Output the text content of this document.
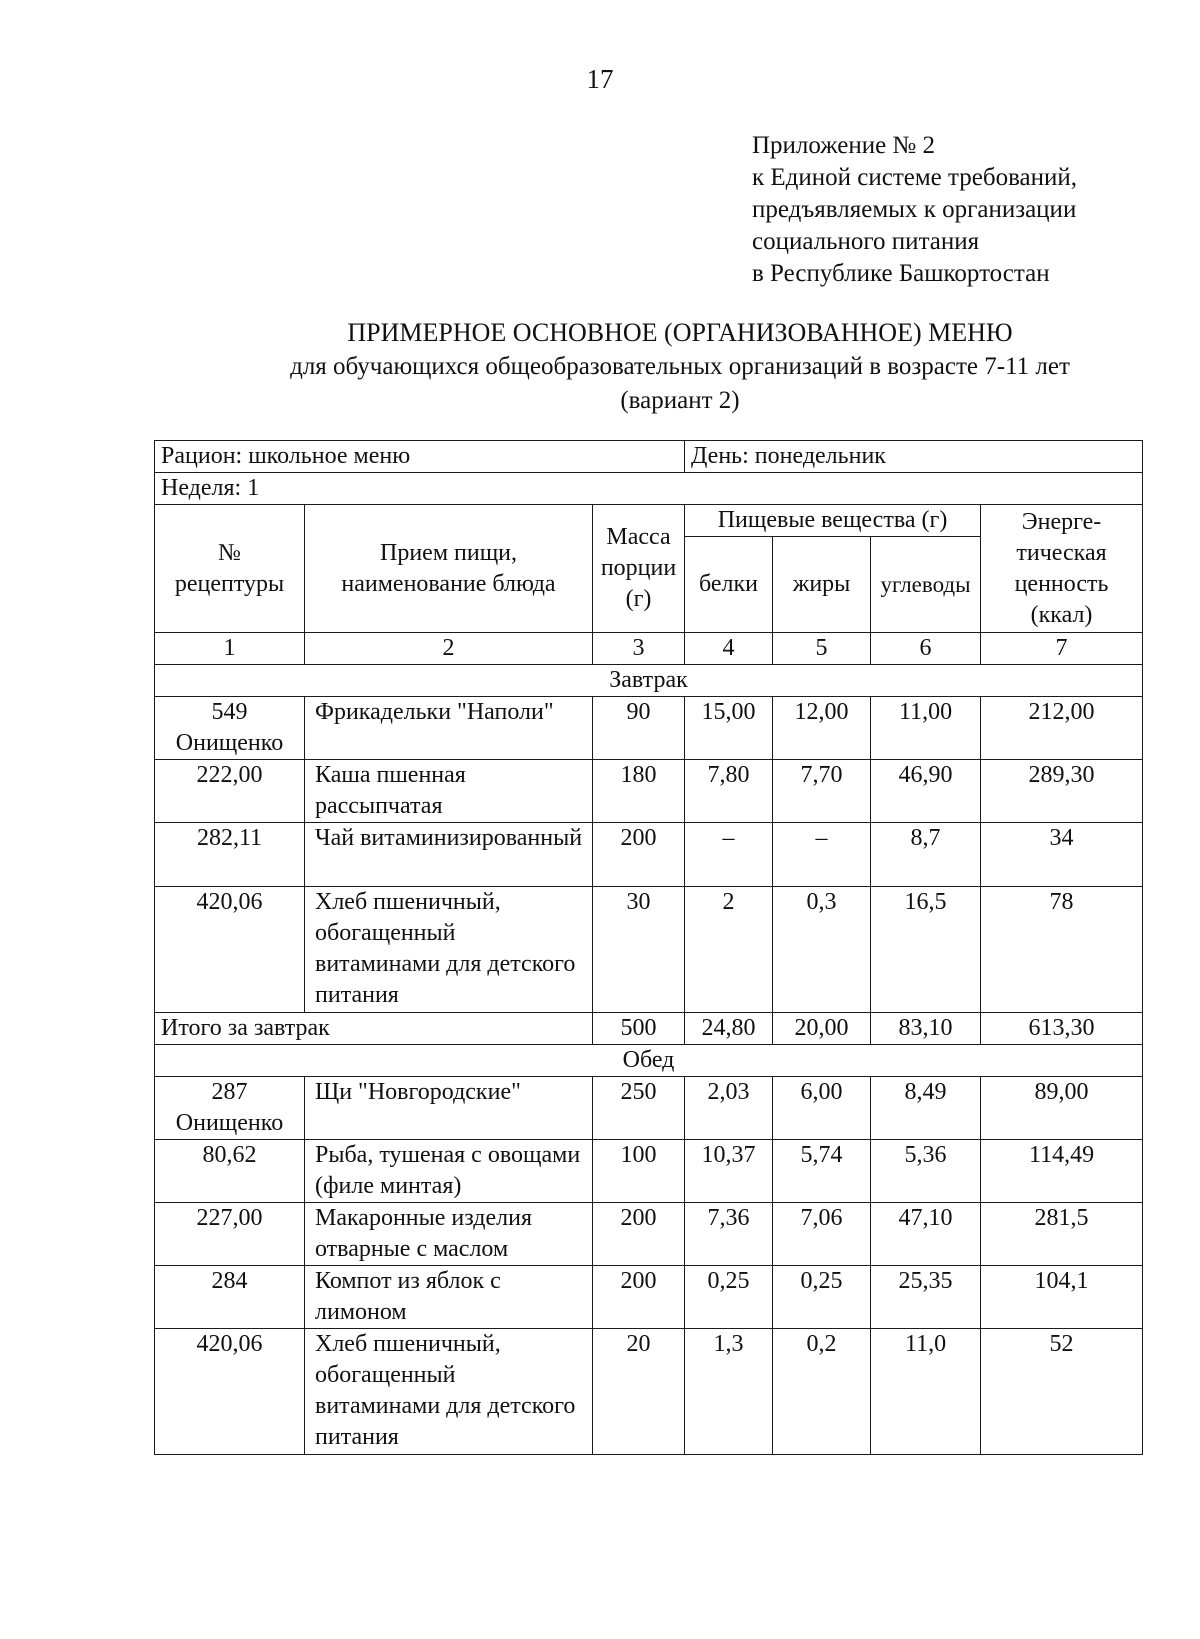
17
Приложение № 2
к Единой системе требований,
предъявляемых к организации
социального питания
в Республике Башкортостан
ПРИМЕРНОЕ ОСНОВНОЕ (ОРГАНИЗОВАННОЕ) МЕНЮ
для обучающихся общеобразовательных организаций в возрасте 7-11 лет
(вариант 2)
Рацион: школьное меню			День: понедельник			
Неделя: 1						
№ рецептуры	Прием пищи, наименование блюда	Масса порции (г)	Пищевые вещества (г)			Энерге-тическая ценность (ккал)
			белки	жиры	углеводы	
1	2	3	4	5	6	7
Завтрак						
549 Онищенко	Фрикадельки "Наполи"	90	15,00	12,00	11,00	212,00
222,00	Каша пшенная рассыпчатая	180	7,80	7,70	46,90	289,30
282,11	Чай витаминизированный	200	–	–	8,7	34
420,06	Хлеб пшеничный, обогащенный витаминами для детского питания	30	2	0,3	16,5	78
Итого за завтрак		500	24,80	20,00	83,10	613,30
Обед						
287 Онищенко	Щи "Новгородские"	250	2,03	6,00	8,49	89,00
80,62	Рыба, тушеная с овощами (филе минтая)	100	10,37	5,74	5,36	114,49
227,00	Макаронные изделия отварные с маслом	200	7,36	7,06	47,10	281,5
284	Компот из яблок с лимоном	200	0,25	0,25	25,35	104,1
420,06	Хлеб пшеничный, обогащенный витаминами для детского питания	20	1,3	0,2	11,0	52
